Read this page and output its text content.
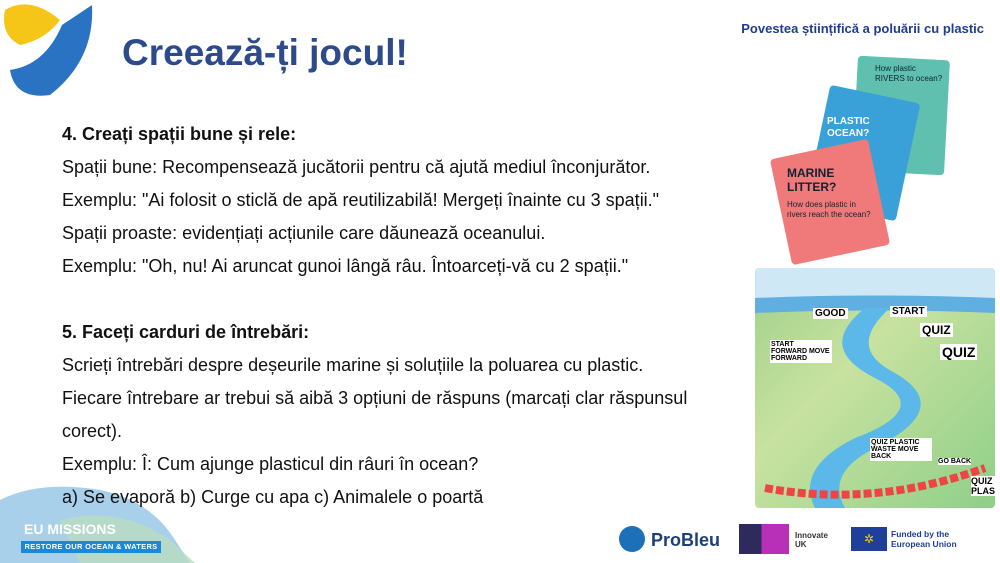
Creează-ți jocul!
Povestea științifică a poluării cu plastic
EU MISSIONS
RESTORE OUR OCEAN & WATERS

4. Creați spații bune și rele:

Spații bune: Recompensează jucătorii pentru că ajută mediul înconjurător.

Exemplu: "Ai folosit o sticlă de apă reutilizabilă! Mergeți înainte cu 3 spații."

Spații proaste: evidențiați acțiunile care dăunează oceanului.

Exemplu: "Oh, nu! Ai aruncat gunoi lângă râu. Întoarceți-vă cu 2 spații."

5. Faceți carduri de întrebări:

Scrieți întrebări despre deșeurile marine și soluțiile la poluarea cu plastic.

Fiecare întrebare ar trebui să aibă 3 opțiuni de răspuns (marcați clar răspunsul corect).

Exemplu: Î: Cum ajunge plasticul din râuri în ocean?

a) Se evaporă b) Curge cu apa c) Animalele o poartă

How plastic RIVERS to ocean?
PLASTIC OCEAN?
MARINE LITTER?
How does plastic in rivers reach the ocean?
GOOD	START
QUIZ
QUIZ
START FORWARD MOVE FORWARD
QUIZ PLASTIC WASTE MOVE BACK
GO BACK
QUIZ PLAS
ProBleu	Innovate UK	✲	Funded by the European Union
